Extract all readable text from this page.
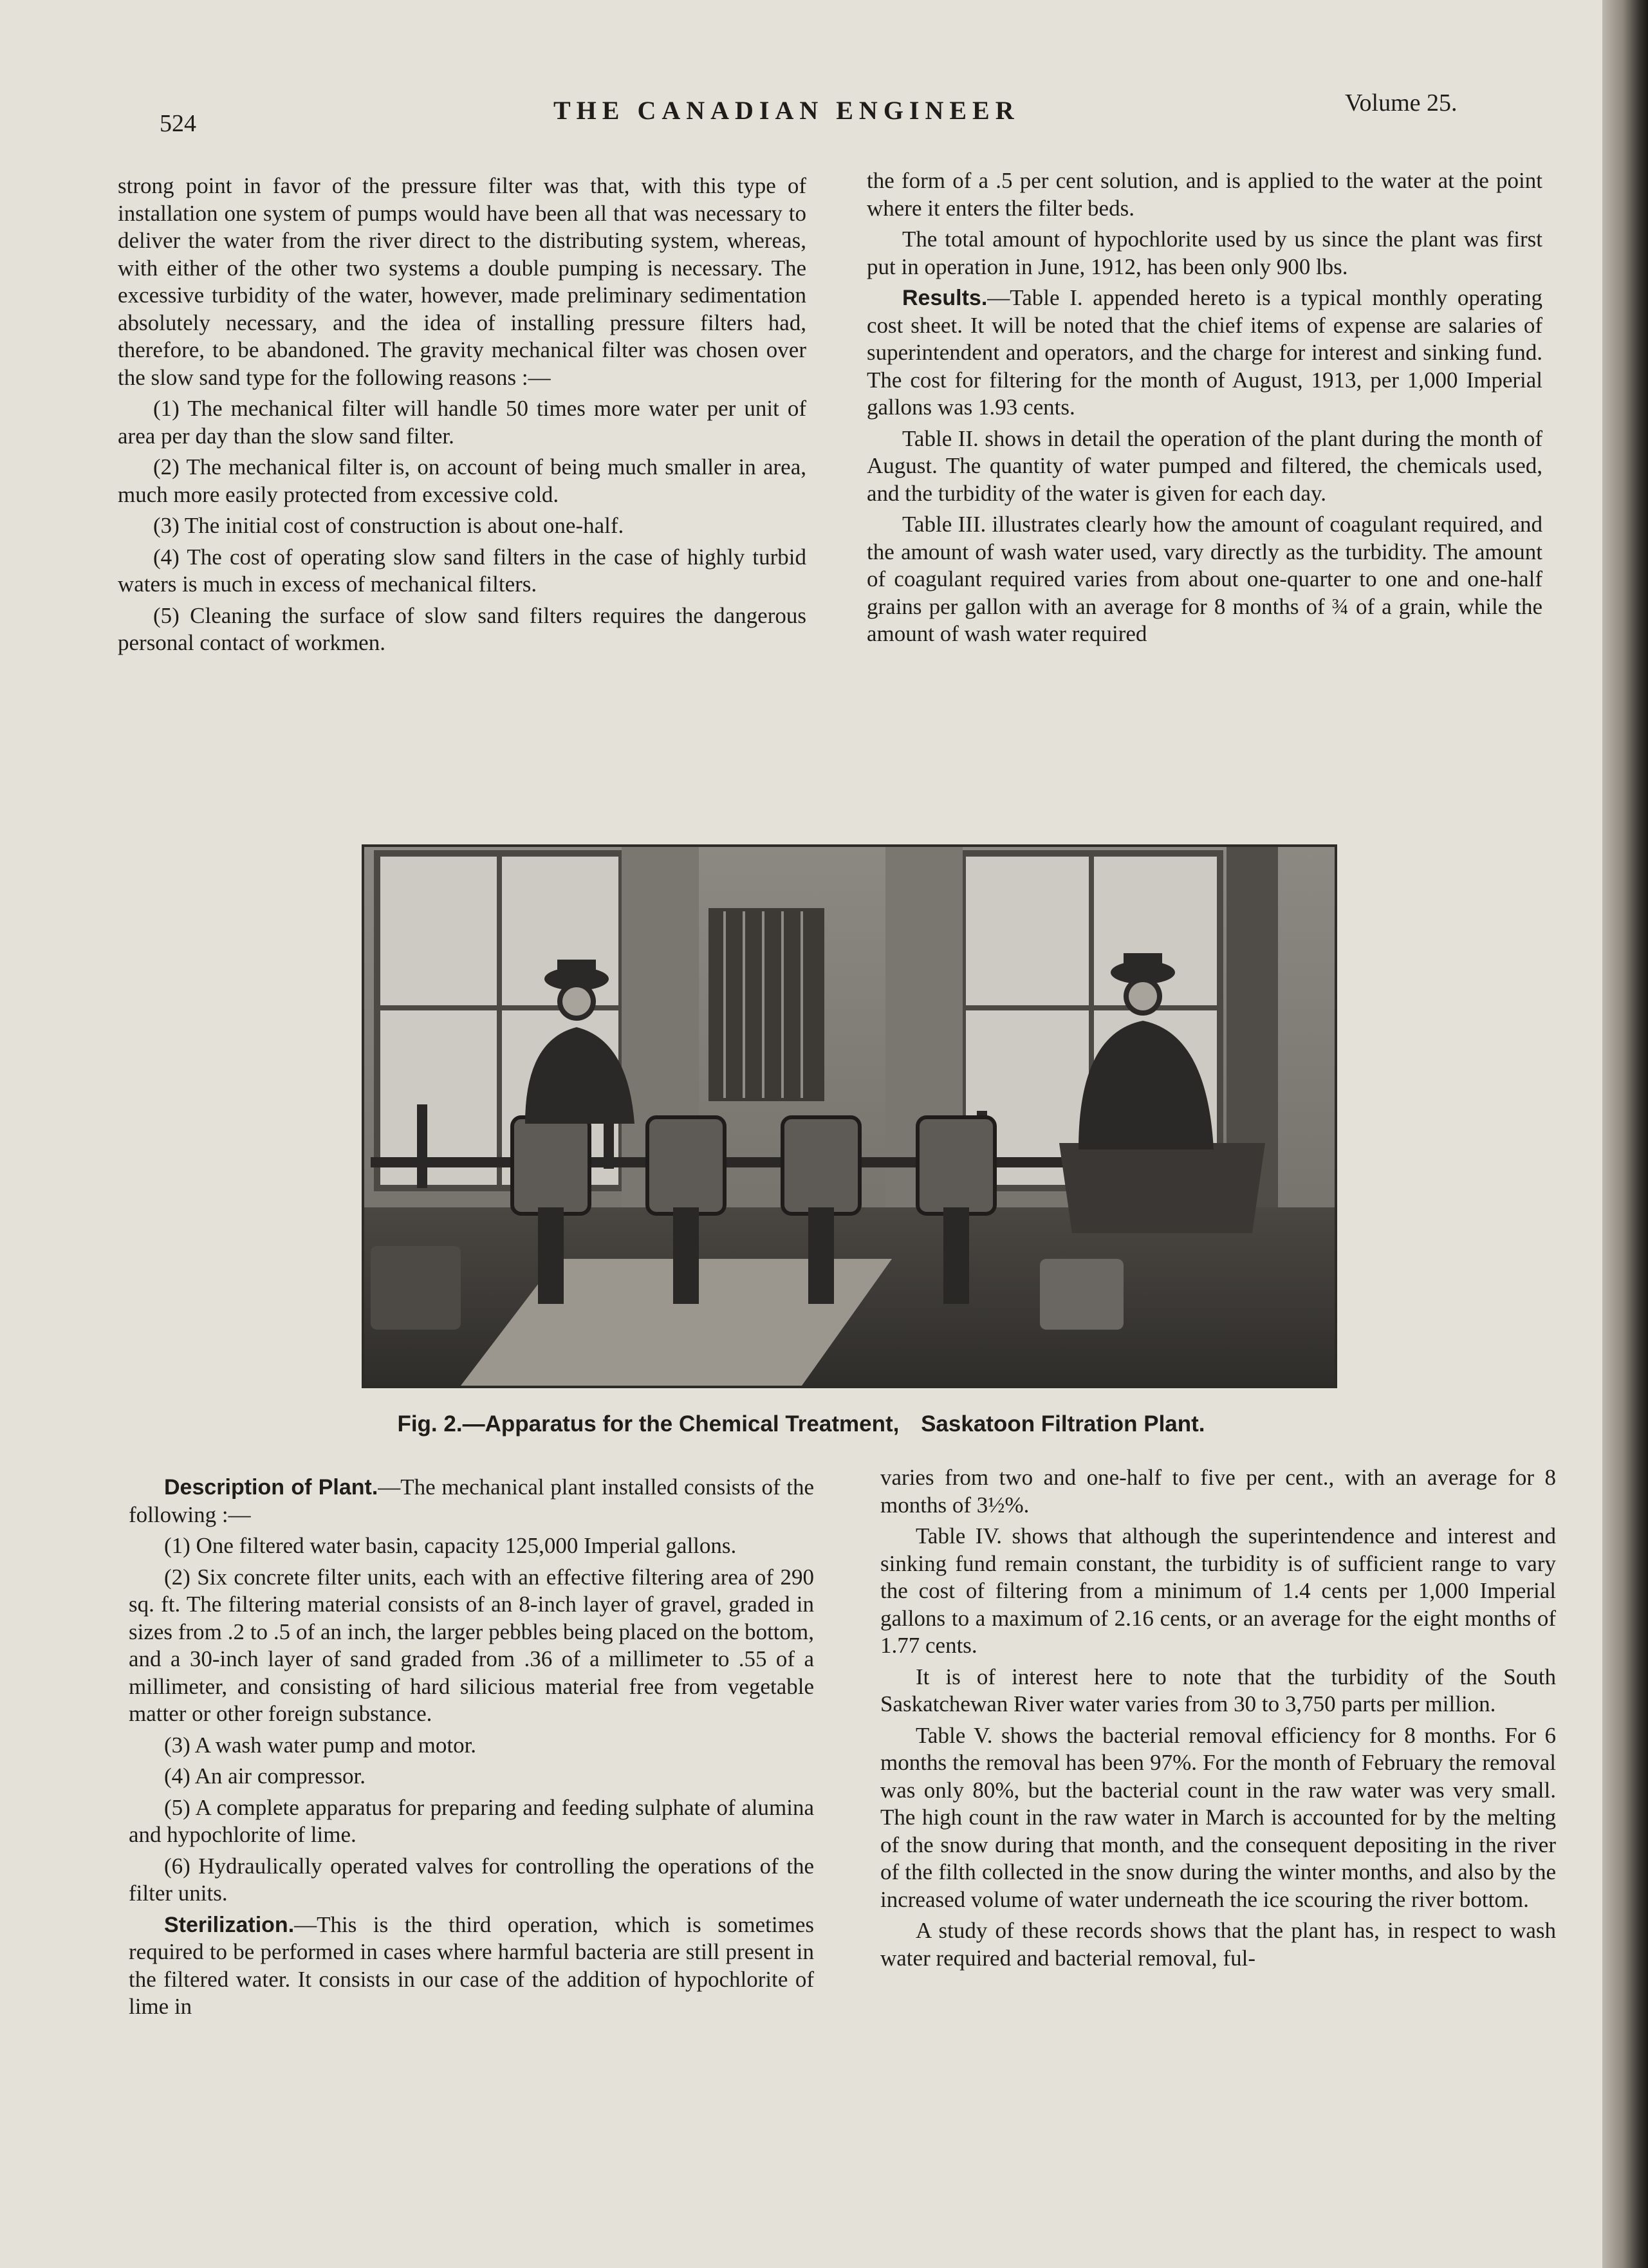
524	THE CANADIAN ENGINEER	Volume 25.

strong point in favor of the pressure filter was that, with this type of installation one system of pumps would have been all that was necessary to deliver the water from the river direct to the distributing system, whereas, with either of the other two systems a double pumping is necessary. The excessive turbidity of the water, however, made preliminary sedimentation absolutely necessary, and the idea of installing pressure filters had, therefore, to be abandoned. The gravity mechanical filter was chosen over the slow sand type for the following reasons :—

(1) The mechanical filter will handle 50 times more water per unit of area per day than the slow sand filter.

(2) The mechanical filter is, on account of being much smaller in area, much more easily protected from excessive cold.

(3) The initial cost of construction is about one-half.

(4) The cost of operating slow sand filters in the case of highly turbid waters is much in excess of mechanical filters.

(5) Cleaning the surface of slow sand filters requires the dangerous personal contact of workmen.

the form of a .5 per cent solution, and is applied to the water at the point where it enters the filter beds.

The total amount of hypochlorite used by us since the plant was first put in operation in June, 1912, has been only 900 lbs.

Results.—Table I. appended hereto is a typical monthly operating cost sheet. It will be noted that the chief items of expense are salaries of superintendent and operators, and the charge for interest and sinking fund. The cost for filtering for the month of August, 1913, per 1,000 Imperial gallons was 1.93 cents.

Table II. shows in detail the operation of the plant during the month of August. The quantity of water pumped and filtered, the chemicals used, and the turbidity of the water is given for each day.

Table III. illustrates clearly how the amount of coagulant required, and the amount of wash water used, vary directly as the turbidity. The amount of coagulant required varies from about one-quarter to one and one-half grains per gallon with an average for 8 months of ¾ of a grain, while the amount of wash water required

Fig. 2.—Apparatus for the Chemical Treatment, Saskatoon Filtration Plant.

Description of Plant.—The mechanical plant installed consists of the following :—

(1) One filtered water basin, capacity 125,000 Imperial gallons.

(2) Six concrete filter units, each with an effective filtering area of 290 sq. ft. The filtering material consists of an 8-inch layer of gravel, graded in sizes from .2 to .5 of an inch, the larger pebbles being placed on the bottom, and a 30-inch layer of sand graded from .36 of a millimeter to .55 of a millimeter, and consisting of hard silicious material free from vegetable matter or other foreign substance.

(3) A wash water pump and motor.

(4) An air compressor.

(5) A complete apparatus for preparing and feeding sulphate of alumina and hypochlorite of lime.

(6) Hydraulically operated valves for controlling the operations of the filter units.

Sterilization.—This is the third operation, which is sometimes required to be performed in cases where harmful bacteria are still present in the filtered water. It consists in our case of the addition of hypochlorite of lime in

varies from two and one-half to five per cent., with an average for 8 months of 3½%.

Table IV. shows that although the superintendence and interest and sinking fund remain constant, the turbidity is of sufficient range to vary the cost of filtering from a minimum of 1.4 cents per 1,000 Imperial gallons to a maximum of 2.16 cents, or an average for the eight months of 1.77 cents.

It is of interest here to note that the turbidity of the South Saskatchewan River water varies from 30 to 3,750 parts per million.

Table V. shows the bacterial removal efficiency for 8 months. For 6 months the removal has been 97%. For the month of February the removal was only 80%, but the bacterial count in the raw water was very small. The high count in the raw water in March is accounted for by the melting of the snow during that month, and the consequent depositing in the river of the filth collected in the snow during the winter months, and also by the increased volume of water underneath the ice scouring the river bottom.

A study of these records shows that the plant has, in respect to wash water required and bacterial removal, ful-
